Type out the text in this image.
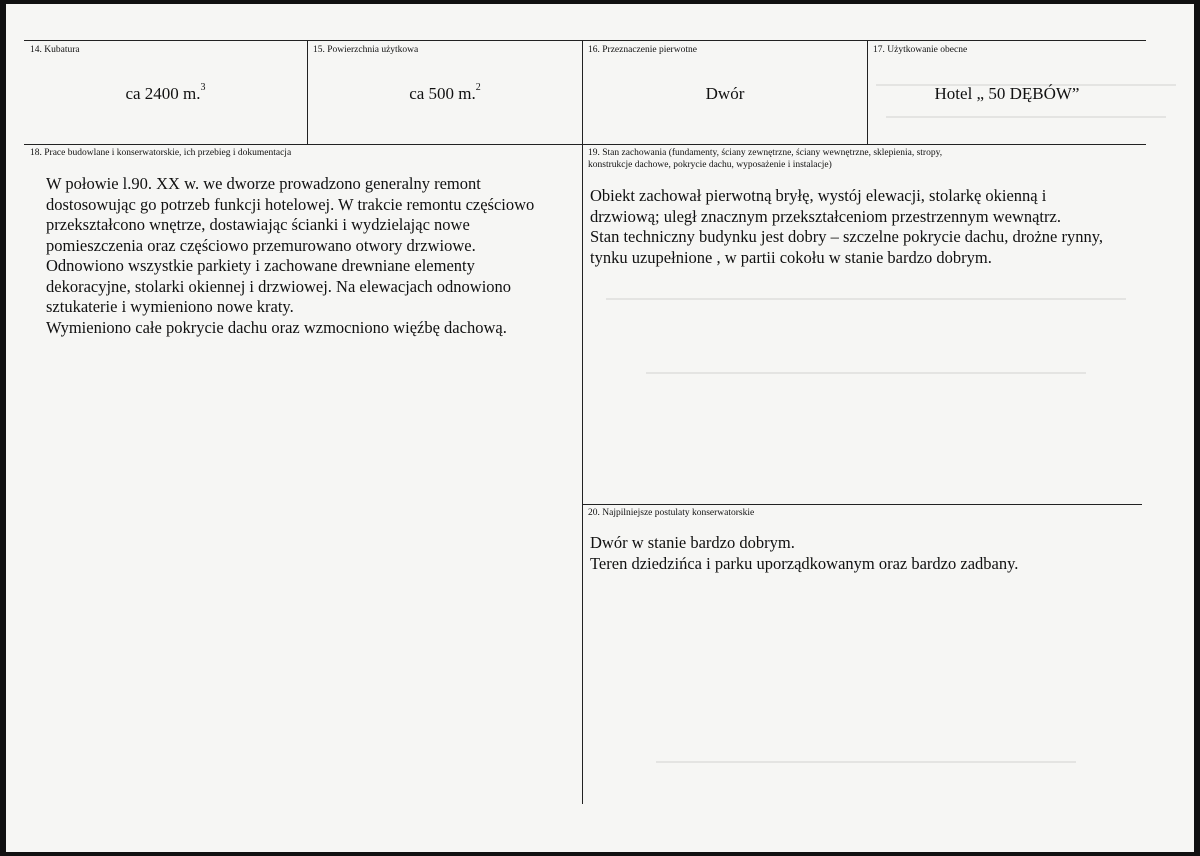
14. Kubatura
ca 2400 m.$^3$
15. Powierzchnia użytkowa
ca 500 m.$^2$
16. Przeznaczenie pierwotne
Dwór
17. Użytkowanie obecne
Hotel „ 50 DĘBÓW”
18. Prace budowlane i konserwatorskie, ich przebieg i dokumentacja
W połowie l.90. XX w. we dworze prowadzono generalny remont
dostosowując go potrzeb funkcji hotelowej. W trakcie remontu częściowo
przekształcono wnętrze, dostawiając ścianki i wydzielając nowe
pomieszczenia oraz częściowo przemurowano otwory drzwiowe.
Odnowiono wszystkie parkiety i zachowane drewniane elementy
dekoracyjne, stolarki okiennej i drzwiowej. Na elewacjach odnowiono
sztukaterie i wymieniono nowe kraty.
Wymieniono całe pokrycie dachu oraz wzmocniono więźbę dachową.
19. Stan zachowania (fundamenty, ściany zewnętrzne, ściany wewnętrzne, sklepienia, stropy,
konstrukcje dachowe, pokrycie dachu, wyposażenie i instalacje)
Obiekt zachował pierwotną bryłę, wystój elewacji, stolarkę okienną i
drzwiową; uległ znacznym przekształceniom przestrzennym wewnątrz.
Stan techniczny budynku jest dobry – szczelne pokrycie dachu, drożne rynny,
tynku uzupełnione , w partii cokołu w stanie bardzo dobrym.
20. Najpilniejsze postulaty konserwatorskie
Dwór w stanie bardzo dobrym.
Teren dziedzińca i parku uporządkowanym oraz bardzo zadbany.
